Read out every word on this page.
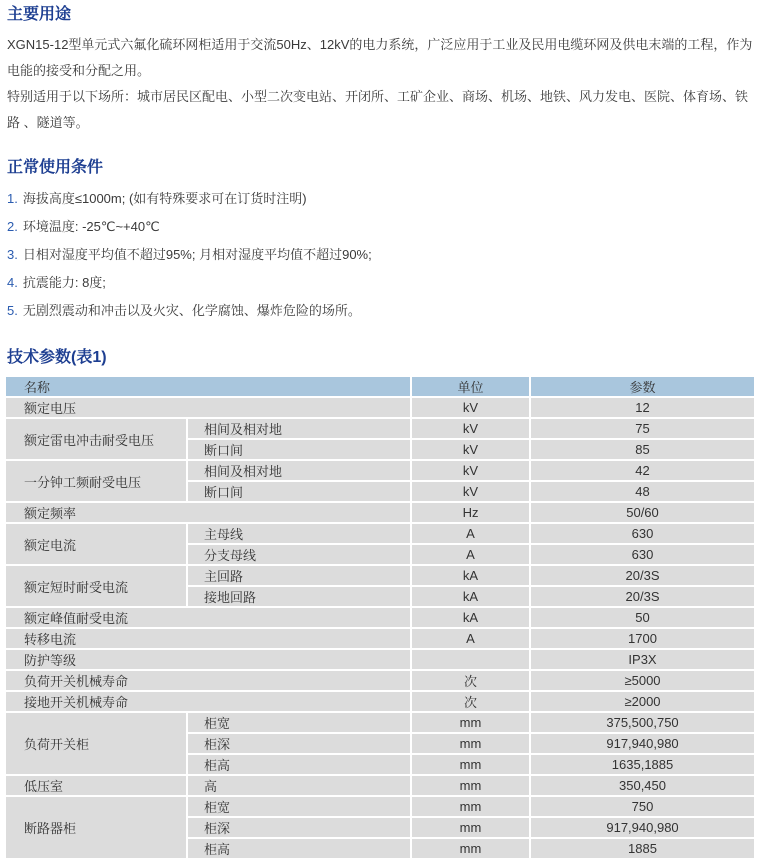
主要用途

XGN15-12型单元式六氟化硫环网柜适用于交流50Hz、12kV的电力系统，广泛应用于工业及民用电缆环网及供电末端的工程，作为电能的接受和分配之用。

特别适用于以下场所：城市居民区配电、小型二次变电站、开闭所、工矿企业、商场、机场、地铁、风力发电、医院、体育场、铁路 、隧道等。

正常使用条件
1. 海拔高度≤1000m; (如有特殊要求可在订货时注明)
2. 环境温度: -25℃~+40℃
3. 日相对湿度平均值不超过95%; 月相对湿度平均值不超过90%;
4. 抗震能力: 8度;
5. 无剧烈震动和冲击以及火灾、化学腐蚀、爆炸危险的场所。
技术参数(表1)
名称		单位	参数
额定电压		kV	12
额定雷电冲击耐受电压	相间及相对地	kV	75
	断口间	kV	85
一分钟工频耐受电压	相间及相对地	kV	42
	断口间	kV	48
额定频率		Hz	50/60
额定电流	主母线	A	630
	分支母线	A	630
额定短时耐受电流	主回路	kA	20/3S
	接地回路	kA	20/3S
额定峰值耐受电流		kA	50
转移电流		A	1700
防护等级			IP3X
负荷开关机械寿命		次	≥5000
接地开关机械寿命		次	≥2000
负荷开关柜	柜宽	mm	375,500,750
	柜深	mm	917,940,980
	柜高	mm	1635,1885
低压室	高	mm	350,450
断路器柜	柜宽	mm	750
	柜深	mm	917,940,980
	柜高	mm	1885
